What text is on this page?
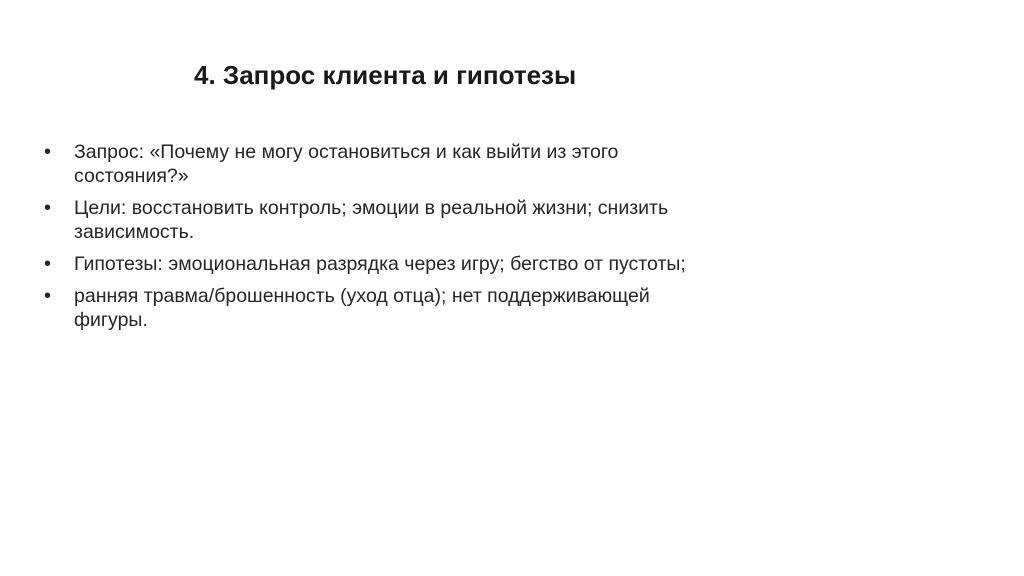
4. Запрос клиента и гипотезы
•	Запрос: «Почему не могу остановиться и как выйти из этого состояния?»
•	Цели: восстановить контроль; эмоции в реальной жизни; снизить зависимость.
•	Гипотезы: эмоциональная разрядка через игру; бегство от пустоты;
•	ранняя травма/брошенность (уход отца); нет поддерживающей фигуры.
